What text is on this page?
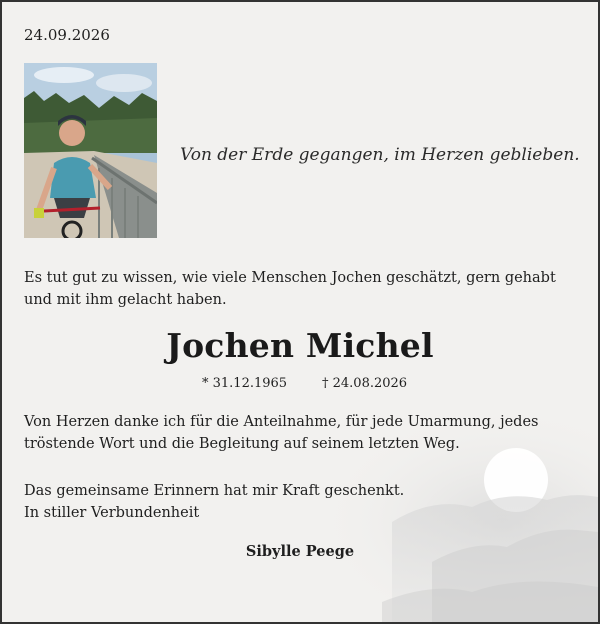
24.09.2026
Von der Erde gegangen, im Herzen geblieben.
Es tut gut zu wissen, wie viele Menschen Jochen geschätzt, gern gehabt und mit ihm gelacht haben.
Jochen Michel
* 31.12.1965	† 24.08.2026
Von Herzen danke ich für die Anteilnahme, für jede Umarmung, jedes tröstende Wort und die Begleitung auf seinem letzten Weg.
Das gemeinsame Erinnern hat mir Kraft geschenkt.
In stiller Verbundenheit
Sibylle Peege
